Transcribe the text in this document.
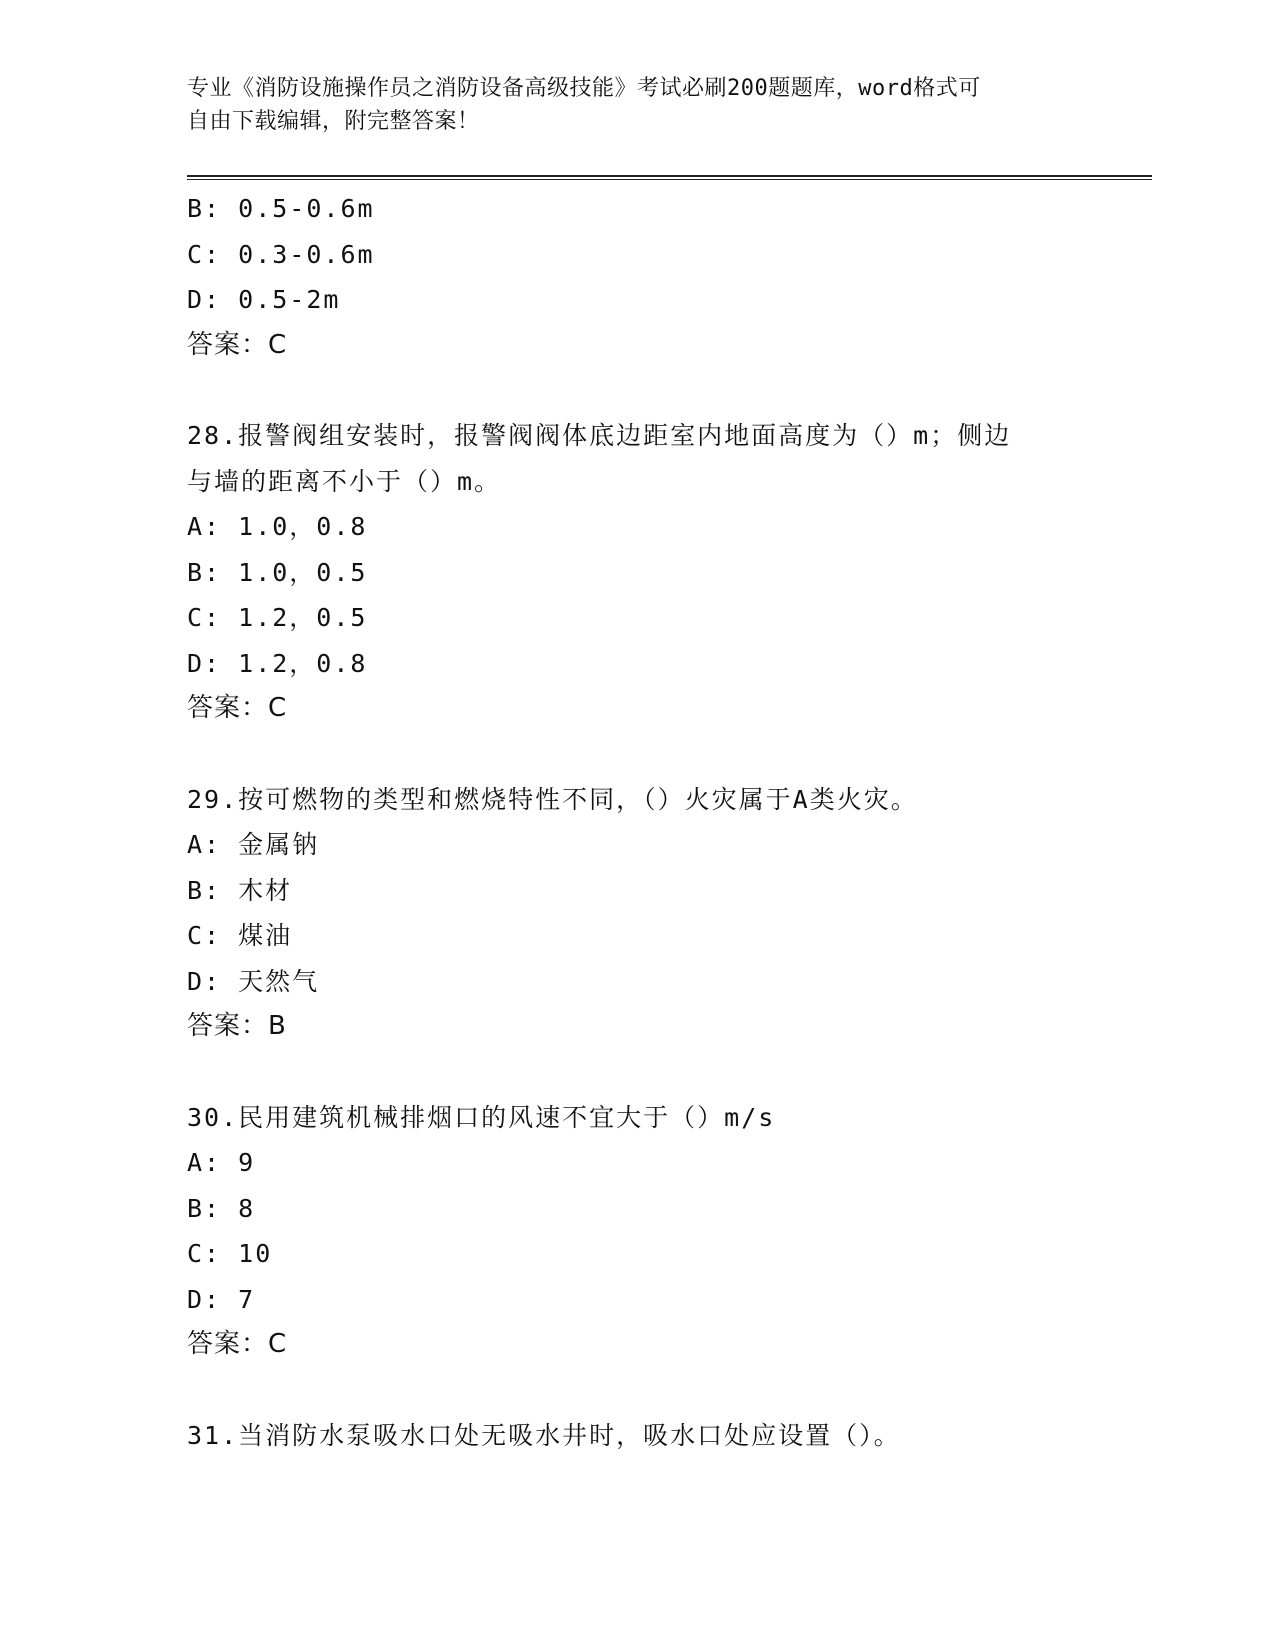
专业《消防设施操作员之消防设备高级技能》考试必刷200题题库，word格式可
自由下载编辑，附完整答案！
B: 0.5-0.6m
C: 0.3-0.6m
D: 0.5-2m
答案：C
28.报警阀组安装时，报警阀阀体底边距室内地面高度为（）m；侧边
与墙的距离不小于（）m。
A: 1.0，0.8
B: 1.0，0.5
C: 1.2，0.5
D: 1.2，0.8
答案：C
29.按可燃物的类型和燃烧特性不同，（）火灾属于A类火灾。
A: 金属钠
B: 木材
C: 煤油
D: 天然气
答案：B
30.民用建筑机械排烟口的风速不宜大于（）m/s
A: 9
B: 8
C: 10
D: 7
答案：C
31.当消防水泵吸水口处无吸水井时，吸水口处应设置（）。
